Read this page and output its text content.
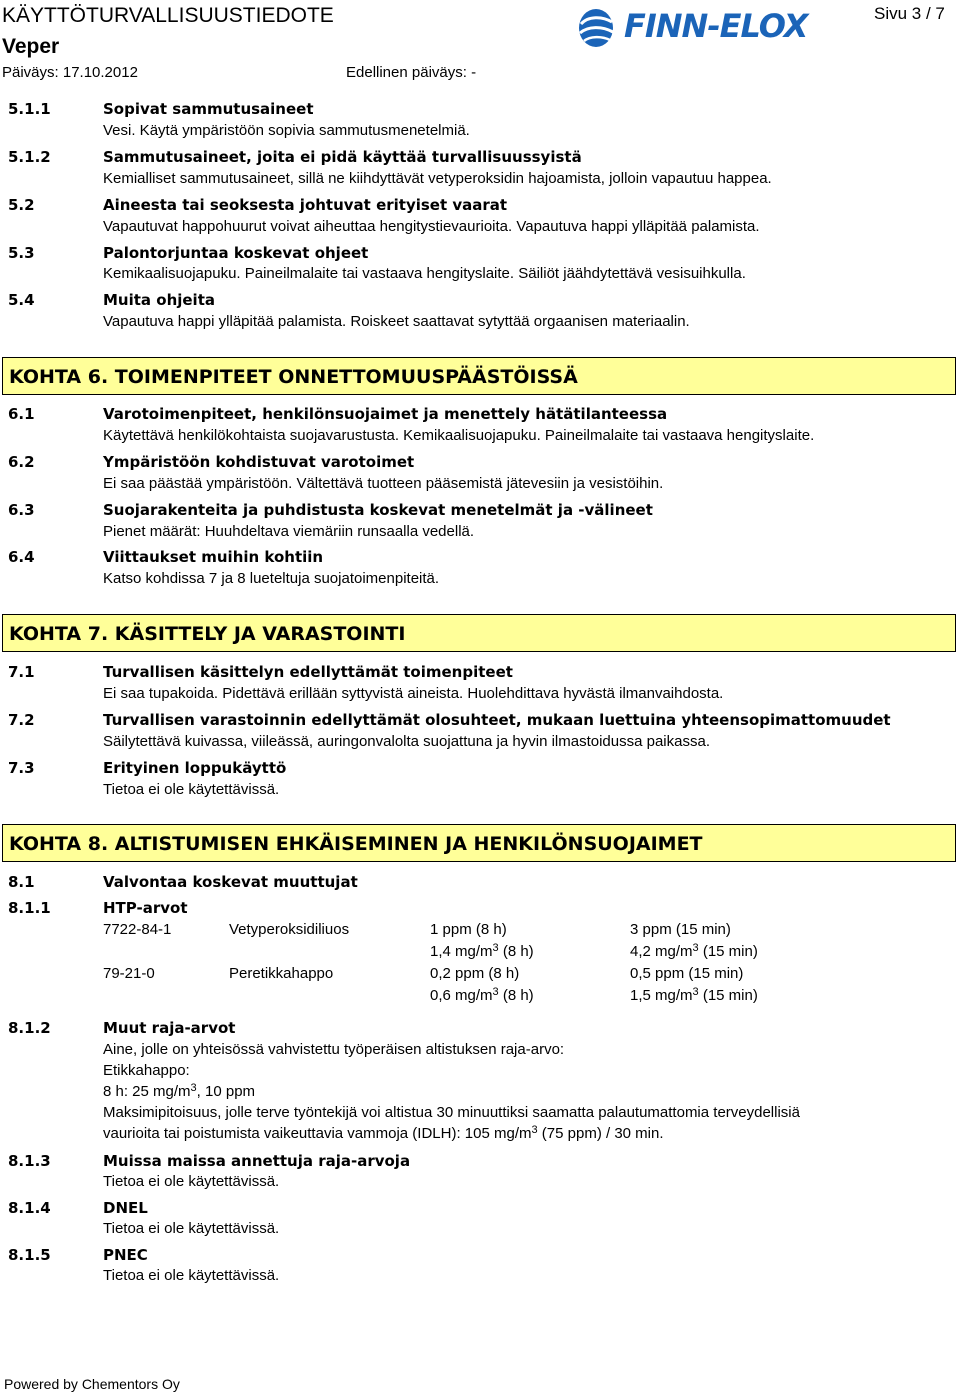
KÄYTTÖTURVALLISUUSTIEDOTE
Veper
Päiväys: 17.10.2012	Edellinen päiväys: -
Sivu 3 / 7
FINN-ELOX
5.1.1	Sopivat sammutusaineet
Vesi. Käytä ympäristöön sopivia sammutusmenetelmiä.
5.1.2	Sammutusaineet, joita ei pidä käyttää turvallisuussyistä
Kemialliset sammutusaineet, sillä ne kiihdyttävät vetyperoksidin hajoamista, jolloin vapautuu happea.
5.2	Aineesta tai seoksesta johtuvat erityiset vaarat
Vapautuvat happohuurut voivat aiheuttaa hengitystievaurioita. Vapautuva happi ylläpitää palamista.
5.3	Palontorjuntaa koskevat ohjeet
Kemikaalisuojapuku. Paineilmalaite tai vastaava hengityslaite. Säiliöt jäähdytettävä vesisuihkulla.
5.4	Muita ohjeita
Vapautuva happi ylläpitää palamista. Roiskeet saattavat sytyttää orgaanisen materiaalin.
KOHTA 6. TOIMENPITEET ONNETTOMUUSPÄÄSTÖISSÄ
6.1	Varotoimenpiteet, henkilönsuojaimet ja menettely hätätilanteessa
Käytettävä henkilökohtaista suojavarustusta. Kemikaalisuojapuku. Paineilmalaite tai vastaava hengityslaite.
6.2	Ympäristöön kohdistuvat varotoimet
Ei saa päästää ympäristöön. Vältettävä tuotteen pääsemistä jätevesiin ja vesistöihin.
6.3	Suojarakenteita ja puhdistusta koskevat menetelmät ja -välineet
Pienet määrät: Huuhdeltava viemäriin runsaalla vedellä.
6.4	Viittaukset muihin kohtiin
Katso kohdissa 7 ja 8 lueteltuja suojatoimenpiteitä.
KOHTA 7. KÄSITTELY JA VARASTOINTI
7.1	Turvallisen käsittelyn edellyttämät toimenpiteet
Ei saa tupakoida. Pidettävä erillään syttyvistä aineista. Huolehdittava hyvästä ilmanvaihdosta.
7.2	Turvallisen varastoinnin edellyttämät olosuhteet, mukaan luettuina yhteensopimattomuudet
Säilytettävä kuivassa, viileässä, auringonvalolta suojattuna ja hyvin ilmastoidussa paikassa.
7.3	Erityinen loppukäyttö
Tietoa ei ole käytettävissä.
KOHTA 8. ALTISTUMISEN EHKÄISEMINEN JA HENKILÖNSUOJAIMET
8.1	Valvontaa koskevat muuttujat
8.1.1	HTP-arvot
7722-84-1	Vetyperoksidiliuos	1 ppm (8 h)	3 ppm (15 min)
1,4 $mg/m^3$ (8 h)	4,2 $mg/m^3$ (15 min)
79-21-0	Peretikkahappo	0,2 ppm (8 h)	0,5 ppm (15 min)
0,6 $mg/m^3$ (8 h)	1,5 $mg/m^3$ (15 min)
8.1.2	Muut raja-arvot
Aine, jolle on yhteisössä vahvistettu työperäisen altistuksen raja-arvo:
Etikkahappo:
8 h: 25 $mg/m^3$, 10 ppm
Maksimipitoisuus, jolle terve työntekijä voi altistua 30 minuuttiksi saamatta palautumattomia terveydellisiä
vaurioita tai poistumista vaikeuttavia vammoja (IDLH): 105 $mg/m^3$ (75 ppm) / 30 min.
8.1.3	Muissa maissa annettuja raja-arvoja
Tietoa ei ole käytettävissä.
8.1.4	DNEL
Tietoa ei ole käytettävissä.
8.1.5	PNEC
Tietoa ei ole käytettävissä.
Powered by Chementors Oy
